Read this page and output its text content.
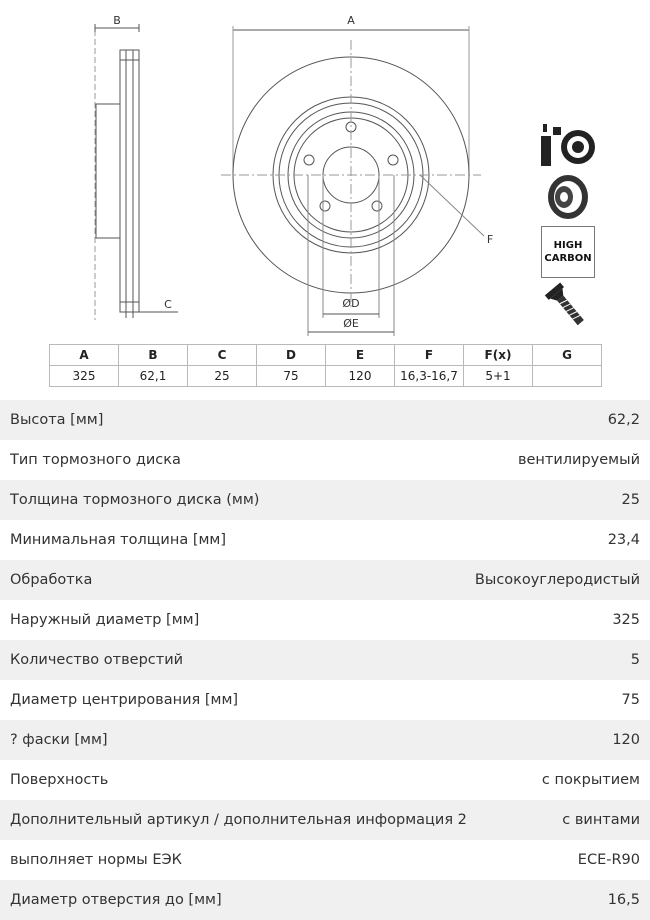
B	A
C	ØD
ØE
F	HIGH
CARBON
A	B	C	D	E	F	F(x)	G
325	62,1	25	75	120	16,3-16,7	5+1	
Высота [мм]	62,2
Тип тормозного диска	вентилируемый
Толщина тормозного диска (мм)	25
Минимальная толщина [мм]	23,4
Обработка	Высокоуглеродистый
Наружный диаметр [мм]	325
Количество отверстий	5
Диаметр центрирования [мм]	75
? фаски [мм]	120
Поверхность	с покрытием
Дополнительный артикул / дополнительная информация 2	с винтами
выполняет нормы ЕЭК	ECE-R90
Диаметр отверстия до [мм]	16,5
